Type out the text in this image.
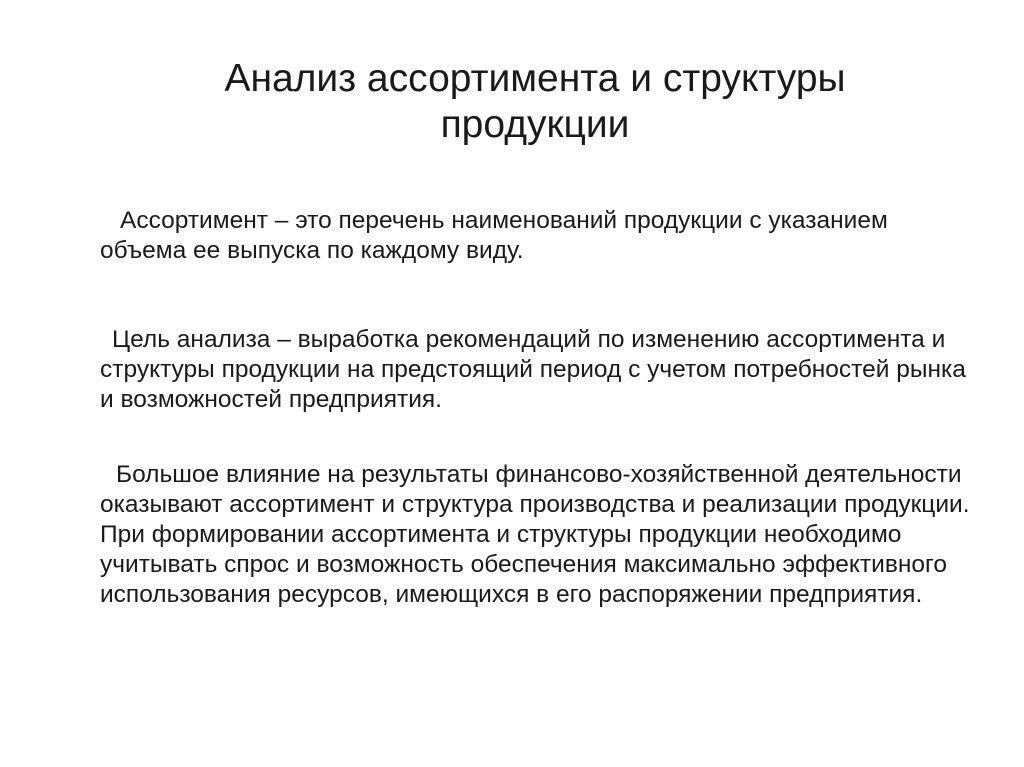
Анализ ассортимента и структуры
продукции

Ассортимент – это перечень наименований продукции с указанием объема ее выпуска по каждому виду.

Цель анализа – выработка рекомендаций по изменению ассортимента и структуры продукции на предстоящий период с учетом потребностей рынка и возможностей предприятия.

Большое влияние на результаты финансово-хозяйственной деятельности оказывают ассортимент и структура производства и реализации продукции. При формировании ассортимента и структуры продукции необходимо учитывать спрос и возможность обеспечения максимально эффективного использования ресурсов, имеющихся в его распоряжении предприятия.
